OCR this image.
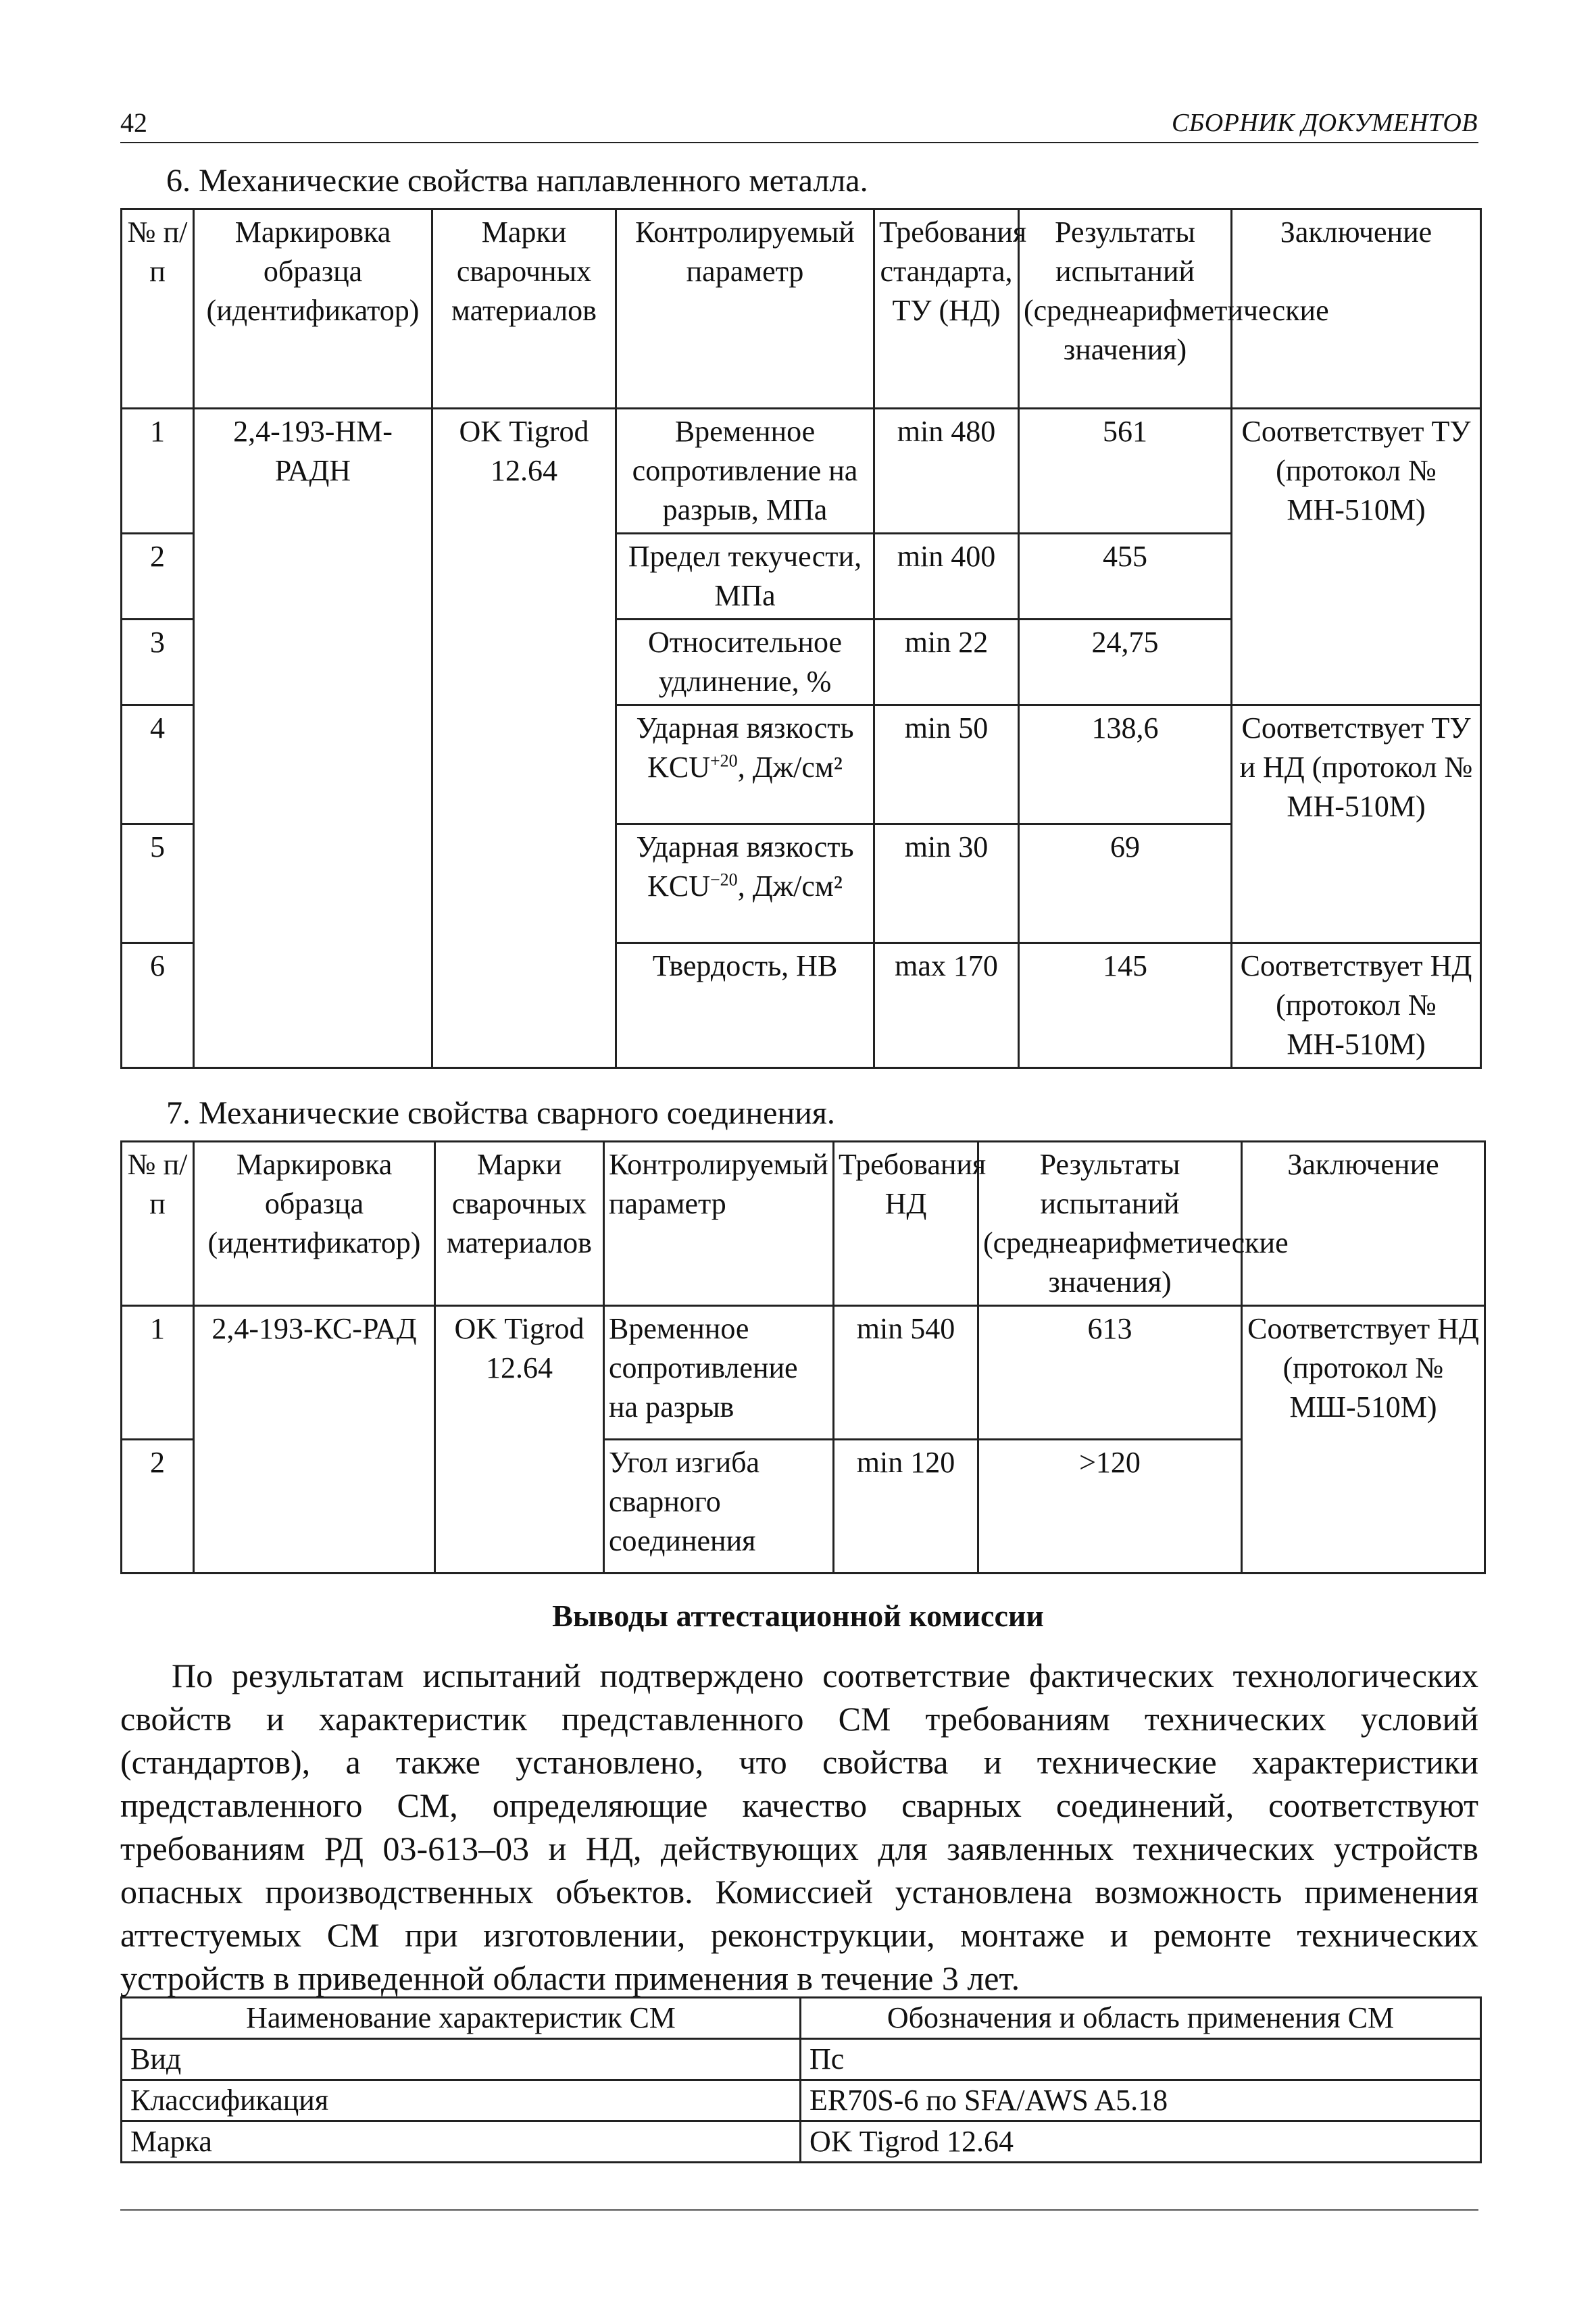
42	СБОРНИК ДОКУМЕНТОВ
6. Механические свойства наплавленного металла.
№ п/п	Маркировка образца (идентификатор)	Марки сварочных материалов	Контролируемый параметр	Требования стандарта, ТУ (НД)	Результаты испытаний (среднеарифметические значения)	Заключение
1	2,4-193-НМ-РАДН	OK Tigrod 12.64	Временное сопротивление на разрыв, МПа	min 480	561	Соответствует ТУ (протокол № МН-510М)
2			Предел текучести, МПа	min 400	455	
3			Относительное удлинение, %	min 22	24,75	
4			Ударная вязкость $KCU^{+20}$, Дж/см²	min 50	138,6	Соответствует ТУ и НД (протокол № МН-510М)
5			Ударная вязкость $KCU^{-20}$, Дж/см²	min 30	69	
6			Твердость, НВ	max 170	145	Соответствует НД (протокол № МН-510М)
7. Механические свойства сварного соединения.
№ п/п	Маркировка образца (идентификатор)	Марки сварочных материалов	Контролируемый параметр	Требования НД	Результаты испытаний (среднеарифметические значения)	Заключение
1	2,4-193-КС-РАД	OK Tigrod 12.64	Временное сопротивление на разрыв	min 540	613	Соответствует НД (протокол № МШ-510М)
2			Угол изгиба сварного соединения	min 120	>120	
Выводы аттестационной комиссии

По результатам испытаний подтверждено соответствие фактических технологических свойств и характеристик представленного СМ требованиям технических условий (стандартов), а также установлено, что свойства и технические характеристики представленного СМ, определяющие качество сварных соединений, соответствуют требованиям РД 03-613–03 и НД, действующих для заявленных технических устройств опасных производственных объектов. Комиссией установлена возможность применения аттестуемых СМ при изготовлении, реконструкции, монтаже и ремонте технических устройств в приведенной области применения в течение 3 лет.

Наименование характеристик СМ	Обозначения и область применения СМ
Вид	Пс
Классификация	ER70S-6 по SFA/AWS A5.18
Марка	OK Tigrod 12.64
